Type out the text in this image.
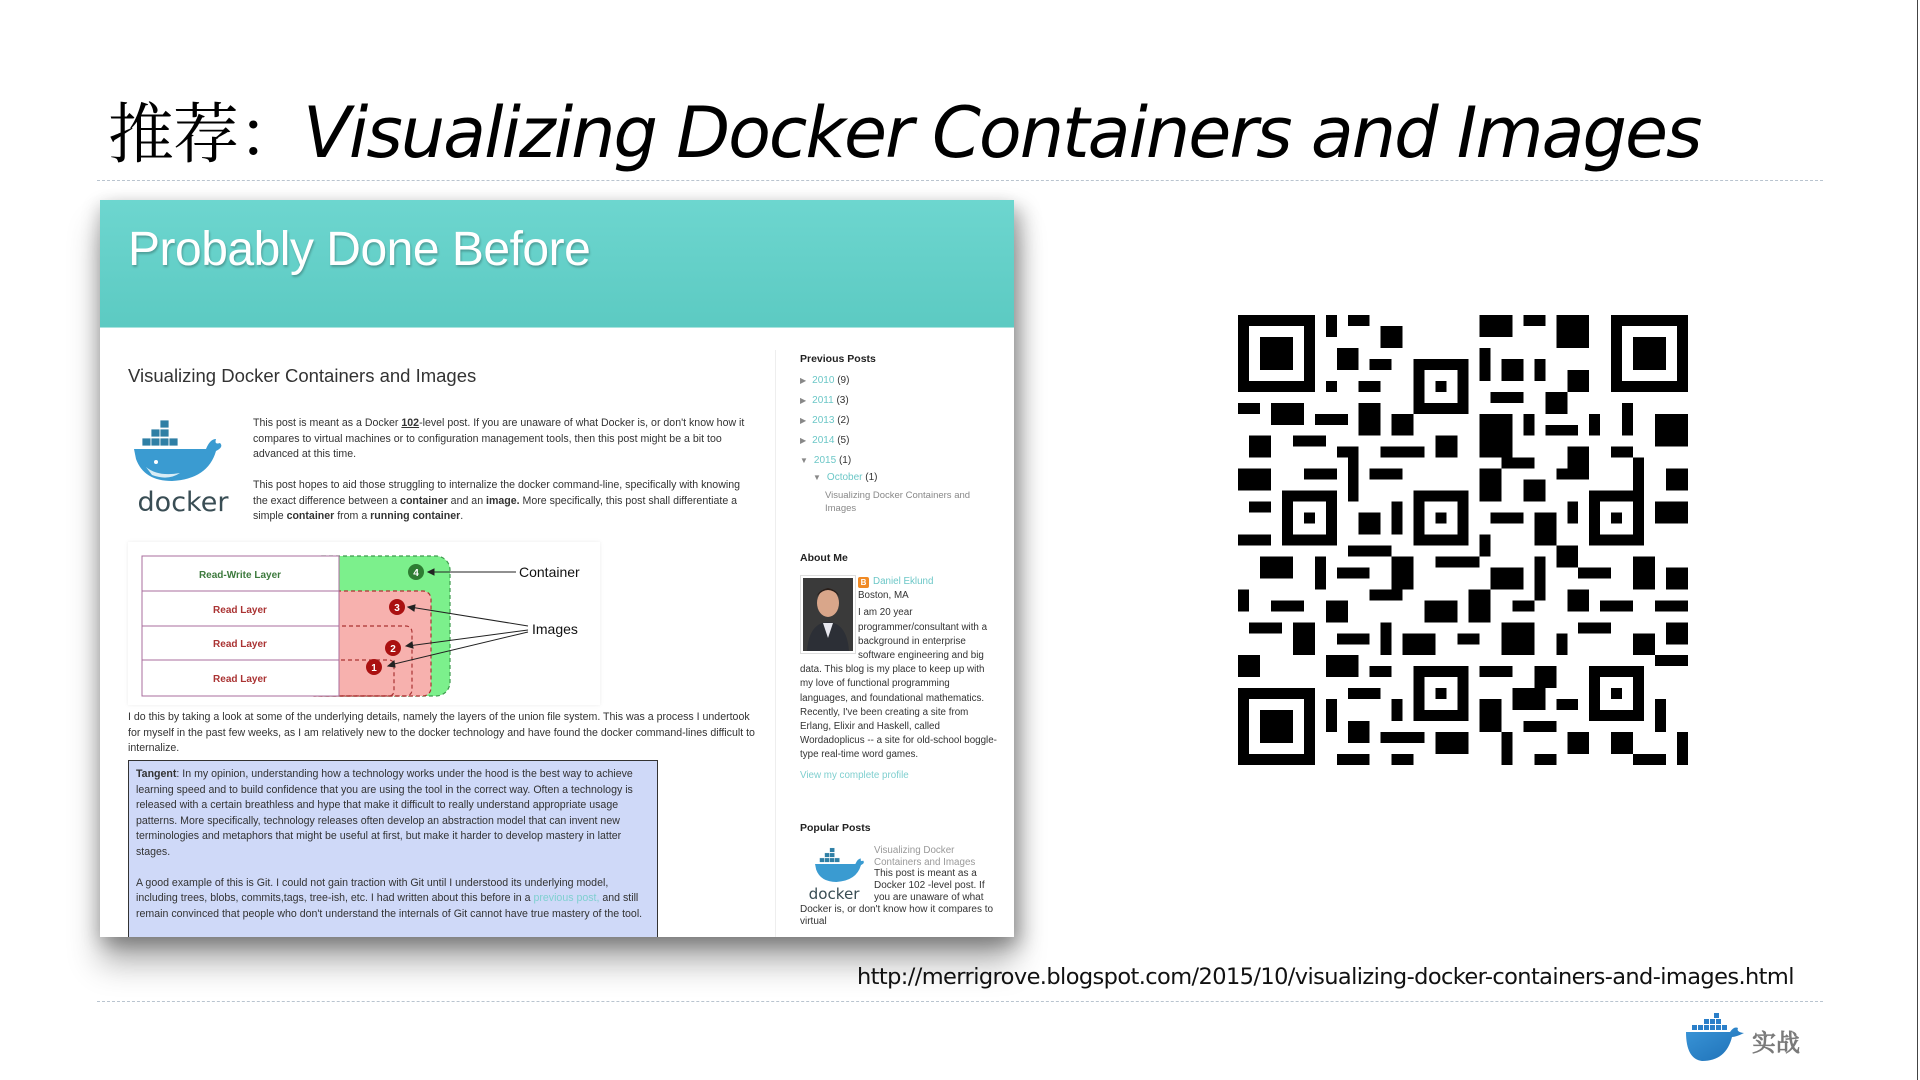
推荐：Visualizing Docker Containers and Images
Probably Done Before
Visualizing Docker Containers and Images
docker
This post is meant as a Docker 102-level post. If you are unaware of what Docker is, or don't know how it compares to virtual machines or to configuration management tools, then this post might be a bit too advanced at this time.
This post hopes to aid those struggling to internalize the docker command-line, specifically with knowing the exact difference between a container and an image. More specifically, this post shall differentiate a simple container from a running container.
Read-Write Layer
Read Layer
Read Layer
Read Layer
4
3
2
1
Container
Images
I do this by taking a look at some of the underlying details, namely the layers of the union file system. This was a process I undertook for myself in the past few weeks, as I am relatively new to the docker technology and have found the docker command-lines difficult to internalize.

Tangent: In my opinion, understanding how a technology works under the hood is the best way to achieve learning speed and to build confidence that you are using the tool in the correct way. Often a technology is released with a certain breathless and hype that make it difficult to really understand appropriate usage patterns. More specifically, technology releases often develop an abstraction model that can invent new terminologies and metaphors that might be useful at first, but make it harder to develop mastery in latter stages.

A good example of this is Git. I could not gain traction with Git until I understood its underlying model, including trees, blobs, commits,tags, tree-ish, etc. I had written about this before in a previous post, and still remain convinced that people who don't understand the internals of Git cannot have true mastery of the tool.

Previous Posts
▶ 2010 (9)
▶ 2011 (3)
▶ 2013 (2)
▶ 2014 (5)
▼ 2015 (1)
▼ October (1)
Visualizing Docker Containers and Images
About Me
B Daniel Eklund
Boston, MA
I am 20 year programmer/consultant with a background in enterprise software engineering and big data. This blog is my place to keep up with my love of functional programming languages, and foundational mathematics. Recently, I've been creating a site from Erlang, Elixir and Haskell, called Wordadoplicus -- a site for old-school boggle-type real-time word games.
View my complete profile
Popular Posts
docker
Visualizing Docker Containers and Images
This post is meant as a Docker 102 -level post. If you are unaware of what Docker is, or don't know how it compares to virtual
http://merrigrove.blogspot.com/2015/10/visualizing-docker-containers-and-images.html
实战
